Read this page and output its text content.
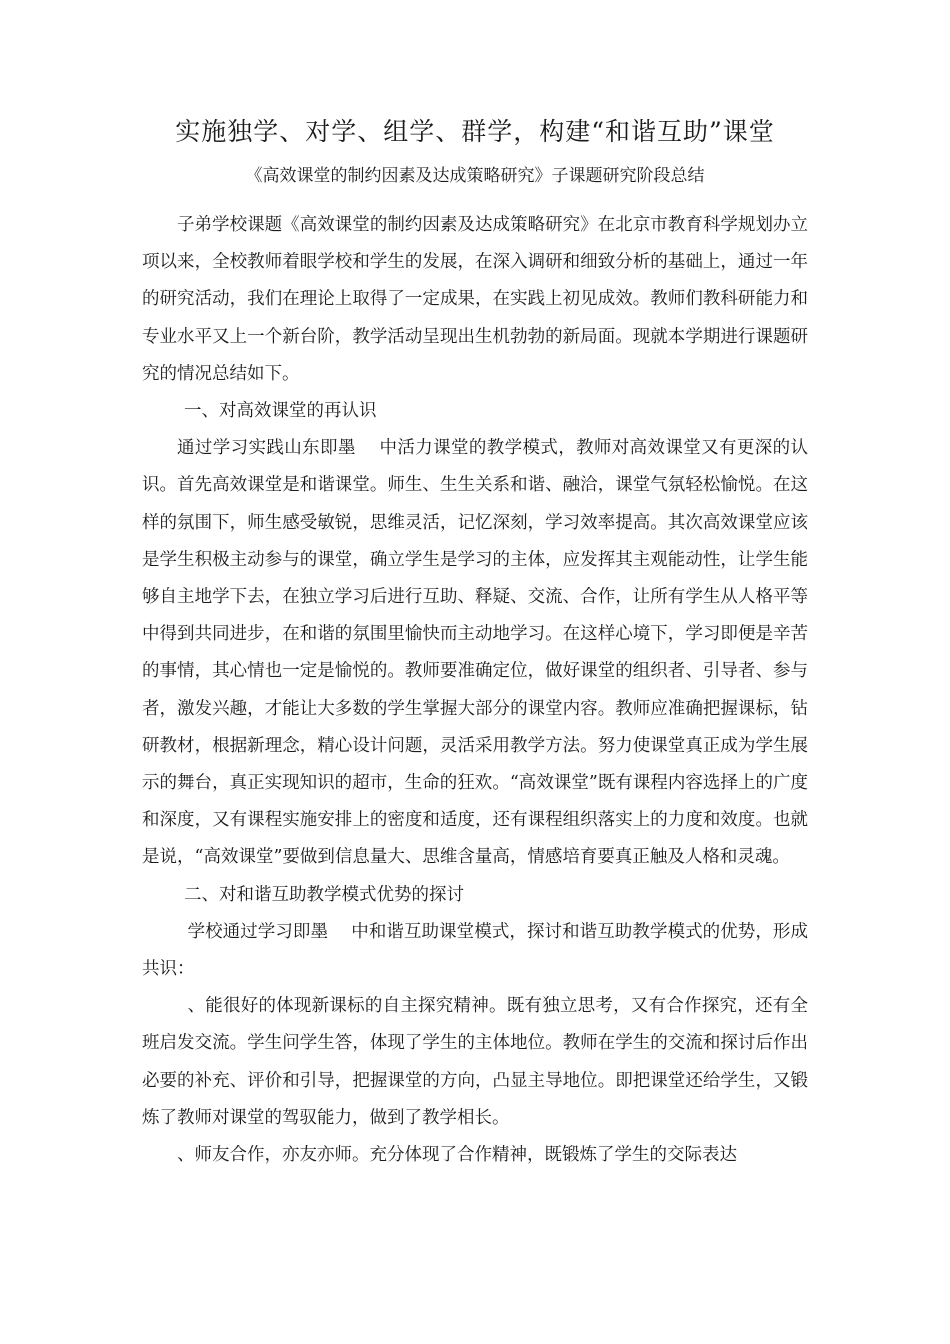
实施独学、对学、组学、群学，构建“和谐互助”课堂
《高效课堂的制约因素及达成策略研究》子课题研究阶段总结

子弟学校课题《高效课堂的制约因素及达成策略研究》在北京市教育科学规划办立项以来，全校教师着眼学校和学生的发展，在深入调研和细致分析的基础上，通过一年的研究活动，我们在理论上取得了一定成果，在实践上初见成效。教师们教科研能力和专业水平又上一个新台阶，教学活动呈现出生机勃勃的新局面。现就本学期进行课题研究的情况总结如下。

一、对高效课堂的再认识

通过学习实践山东即墨　 中活力课堂的教学模式，教师对高效课堂又有更深的认识。首先高效课堂是和谐课堂。师生、生生关系和谐、融洽，课堂气氛轻松愉悦。在这样的氛围下，师生感受敏锐，思维灵活，记忆深刻，学习效率提高。其次高效课堂应该是学生积极主动参与的课堂，确立学生是学习的主体，应发挥其主观能动性，让学生能够自主地学下去，在独立学习后进行互助、释疑、交流、合作，让所有学生从人格平等中得到共同进步，在和谐的氛围里愉快而主动地学习。在这样心境下，学习即便是辛苦的事情，其心情也一定是愉悦的。教师要准确定位，做好课堂的组织者、引导者、参与者，激发兴趣，才能让大多数的学生掌握大部分的课堂内容。教师应准确把握课标，钻研教材，根据新理念，精心设计问题，灵活采用教学方法。努力使课堂真正成为学生展示的舞台，真正实现知识的超市，生命的狂欢。“高效课堂”既有课程内容选择上的广度和深度，又有课程实施安排上的密度和适度，还有课程组织落实上的力度和效度。也就是说，“高效课堂”要做到信息量大、思维含量高，情感培育要真正触及人格和灵魂。

二、对和谐互助教学模式优势的探讨

学校通过学习即墨　 中和谐互助课堂模式，探讨和谐互助教学模式的优势，形成共识：

、能很好的体现新课标的自主探究精神。既有独立思考，又有合作探究，还有全班启发交流。学生问学生答，体现了学生的主体地位。教师在学生的交流和探讨后作出必要的补充、评价和引导，把握课堂的方向，凸显主导地位。即把课堂还给学生，又锻炼了教师对课堂的驾驭能力，做到了教学相长。

、师友合作，亦友亦师。充分体现了合作精神，既锻炼了学生的交际表达
